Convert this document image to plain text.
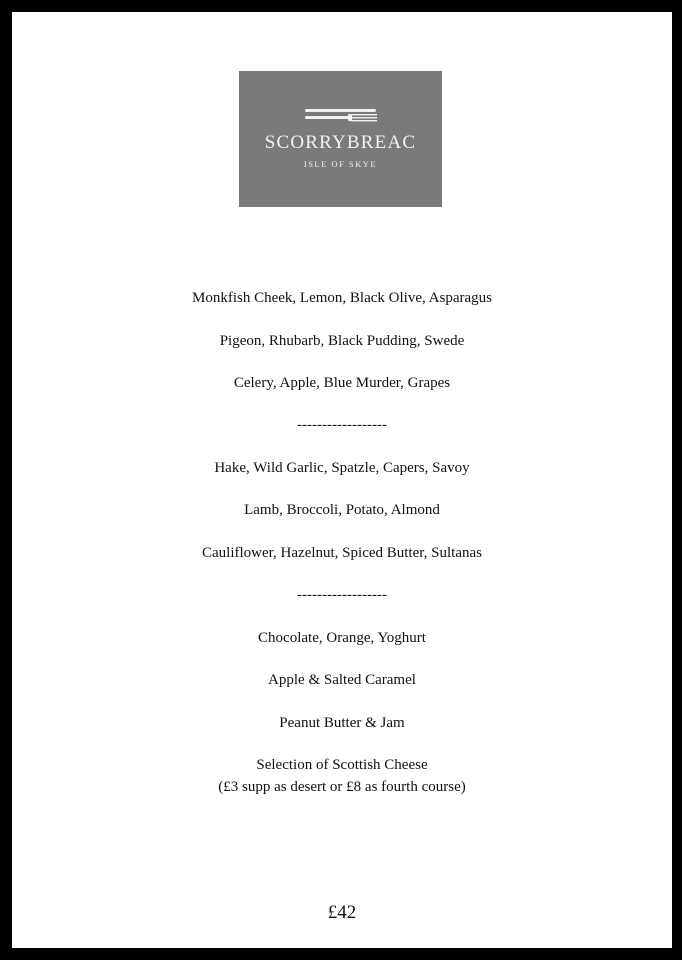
SCORRYBREAC
ISLE OF SKYE
Monkfish Cheek, Lemon, Black Olive, Asparagus
Pigeon, Rhubarb, Black Pudding, Swede
Celery, Apple, Blue Murder, Grapes
------------------
Hake, Wild Garlic, Spatzle, Capers, Savoy
Lamb, Broccoli, Potato, Almond
Cauliflower, Hazelnut, Spiced Butter, Sultanas
------------------
Chocolate, Orange, Yoghurt
Apple & Salted Caramel
Peanut Butter & Jam
Selection of Scottish Cheese
(£3 supp as desert or £8 as fourth course)
£42
